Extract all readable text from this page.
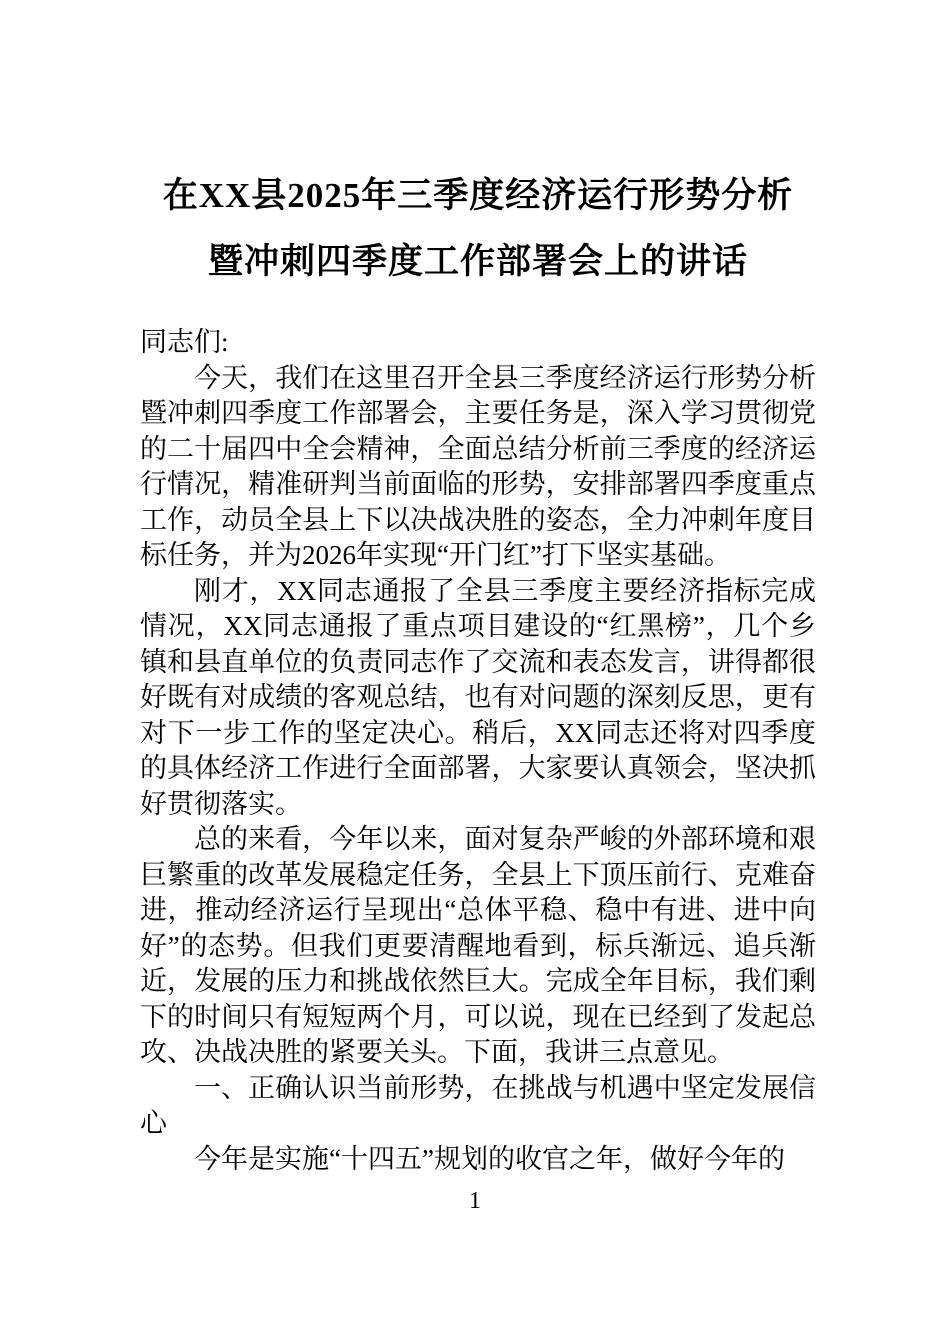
在XX县2025年三季度经济运行形势分析
暨冲刺四季度工作部署会上的讲话

同志们:

今天，我们在这里召开全县三季度经济运行形势分析暨冲刺四季度工作部署会，主要任务是，深入学习贯彻党的二十届四中全会精神，全面总结分析前三季度的经济运行情况，精准研判当前面临的形势，安排部署四季度重点工作，动员全县上下以决战决胜的姿态，全力冲刺年度目标任务，并为2026年实现“开门红”打下坚实基础。

刚才，XX同志通报了全县三季度主要经济指标完成情况，XX同志通报了重点项目建设的“红黑榜”，几个乡镇和县直单位的负责同志作了交流和表态发言，讲得都很好既有对成绩的客观总结，也有对问题的深刻反思，更有对下一步工作的坚定决心。稍后，XX同志还将对四季度的具体经济工作进行全面部署，大家要认真领会，坚决抓好贯彻落实。

总的来看，今年以来，面对复杂严峻的外部环境和艰巨繁重的改革发展稳定任务，全县上下顶压前行、克难奋进，推动经济运行呈现出“总体平稳、稳中有进、进中向好”的态势。但我们更要清醒地看到，标兵渐远、追兵渐近，发展的压力和挑战依然巨大。完成全年目标，我们剩下的时间只有短短两个月，可以说，现在已经到了发起总攻、决战决胜的紧要关头。下面，我讲三点意见。

一、正确认识当前形势，在挑战与机遇中坚定发展信心

今年是实施“十四五”规划的收官之年，做好今年的

1
